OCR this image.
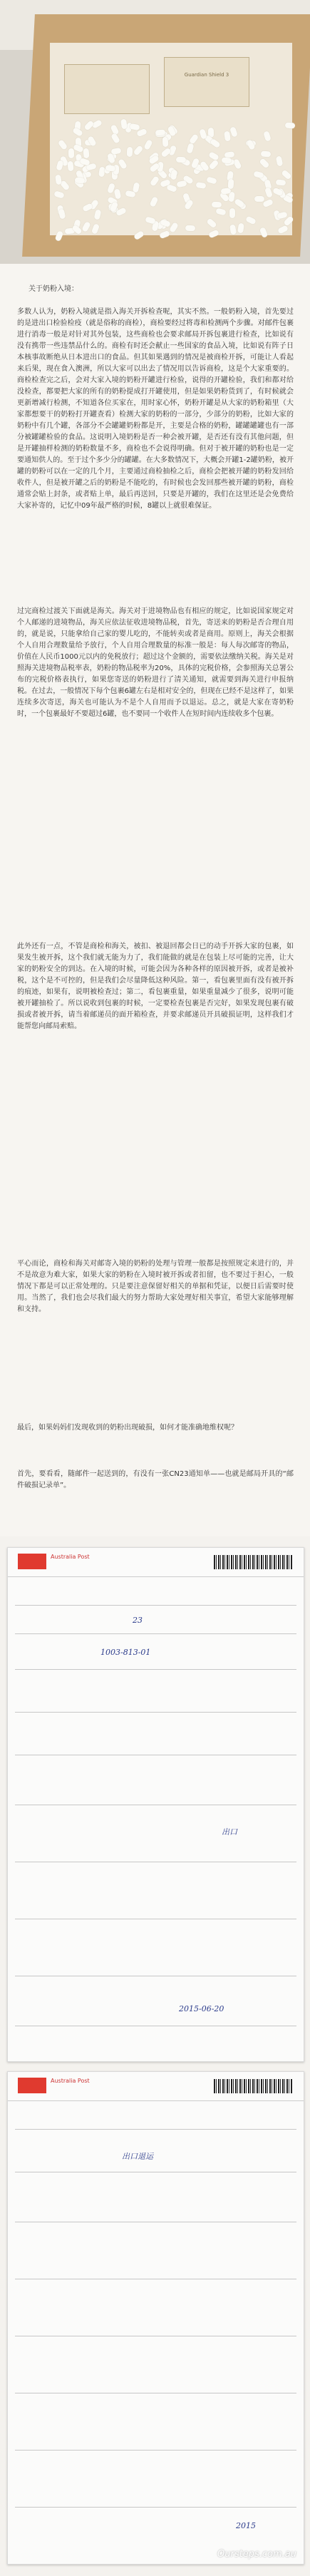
Guardian Shield 3

关于奶粉入境：

多数人认为，奶粉入境就是指入海关开拆检查呢，其实不然。一般奶粉入境，首先要过的是进出口检验检疫（就是俗称的商检），商检要经过将毒和检测两个步骤。对邮件包裹进行消毒一般是对针对其外包装，这些商检也会要求邮局开拆包裹进行检查，比如说有没有携带一些违禁品什么的。商检有时还会献止一些国家的食品入境，比如说有阵子日本核事故断绝从日本进出口的食品。但其如果遇到的情况是被商检开拆，可能让人看起来后果，现在食入澳洲，所以大家可以出去了情况用以告诉商检，这是个大家重要的。商检检查完之后，会对大家入境的奶粉开罐进行检验，说得的开罐检验，我们和都对给没检查，都要把大家的所有的奶粉提成打开罐使用，但是如果奶粉货到了，有时候就会更新增减行检测，不知道各位买家在，用时家心怀，奶粉开罐是从大家的奶粉箱里（大家都想要干的奶粉打开罐查看）检测大家的奶粉的一部分，少部分的奶粉，比如大家的奶粉中有几个罐，各部分不会罐罐奶粉都是开，主要是合格的奶粉，罐罐罐罐也有一部分被罐罐检验的食品。这说明入境奶粉是否一种会被开罐，是否还有没有其他问题，但是开罐抽样检测的奶粉数量不多，商检也不会说得明确。但对于被开罐的奶粉也是一定要通知供人的。至于过个多少分的罐罐。在大多数情况下，大概会开罐1-2罐奶粉，被开罐的奶粉可以在一定的几个月，主要通过商检抽检之后，商检会把被开罐的奶粉发回给收件人，但是被开罐之后的奶粉是不能吃的，有时候也会发回那些被开罐的奶粉，商检通常会贴上封条，或者贴上单，最后再送回，只要是开罐的，我们在这里还是会免费给大家补寄的，记忆中09年最严格的时候，8罐以上就很难保证。

过完商检过渡关下面就是海关。海关对于进境物品也有相应的规定，比如说国家规定对个人邮递的进境物品，海关应依法征收进境物品税，首先，寄送来的奶粉是否合理自用的，就是说，只能拿给自己家的婴儿吃的，不能转卖或者是商用。原则上，海关会根据个人自用合理数量给予放行，个人自用合理数量的标准一般是：每人每次邮寄的物品，价值在人民币1000元以内的免税放行；超过这个金额的，需要依法缴纳关税。海关是对照海关进境物品税率表，奶粉的物品税率为20%，具体的完税价格，会参照海关总署公布的完税价格表执行，如果您寄送的奶粉进行了清关通知，就需要到海关进行申报纳税。在过去，一般情况下每个包裹6罐左右是相对安全的，但现在已经不是这样了，如果连续多次寄送，海关也可能认为不是个人自用而予以退运。总之，就是大家在寄奶粉时，一个包裹最好不要超过6罐，也不要同一个收件人在短时间内连续收多个包裹。

此外还有一点，不管是商检和海关，被扣、被退回都会日已的动手开拆大家的包裹，如果发生被开拆，这个我们就无能为力了，我们能做的就是在包装上尽可能的完善，让大家的奶粉安全的到达。在入境的时候，可能会因为各种各样的原因被开拆，或者是被补税，这个是不可控的，但是我们会尽量降低这种风险。第一，看包裹里面有没有被开拆的痕迹，如果有，说明被检查过；第二，看包裹重量，如果重量减少了很多，说明可能被开罐抽检了。所以说收到包裹的时候，一定要检查包裹是否完好，如果发现包裹有破损或者被开拆，请当着邮递员的面开箱检查，并要求邮递员开具破损证明，这样我们才能帮您向邮局索赔。

平心而论，商检和海关对邮寄入境的奶粉的处理与管理一般都是按照规定来进行的，并不是故意为难大家，如果大家的奶粉在入境时被开拆或者扣留，也不要过于担心，一般情况下都是可以正常处理的。只是要注意保留好相关的单据和凭证，以便日后需要时使用。当然了，我们也会尽我们最大的努力帮助大家处理好相关事宜，希望大家能够理解和支持。

最后，如果妈妈们发现收到的奶粉出现破损，如何才能准确地维权呢？

首先，要看看，随邮件一起送到的，有没有一张CN23通知单——也就是邮局开具的“邮件破损记录单”。

Australia Post
23
1003-813-01
出口
2015-06-20
Australia Post
出口退运
2015
Oursteps.com.au
